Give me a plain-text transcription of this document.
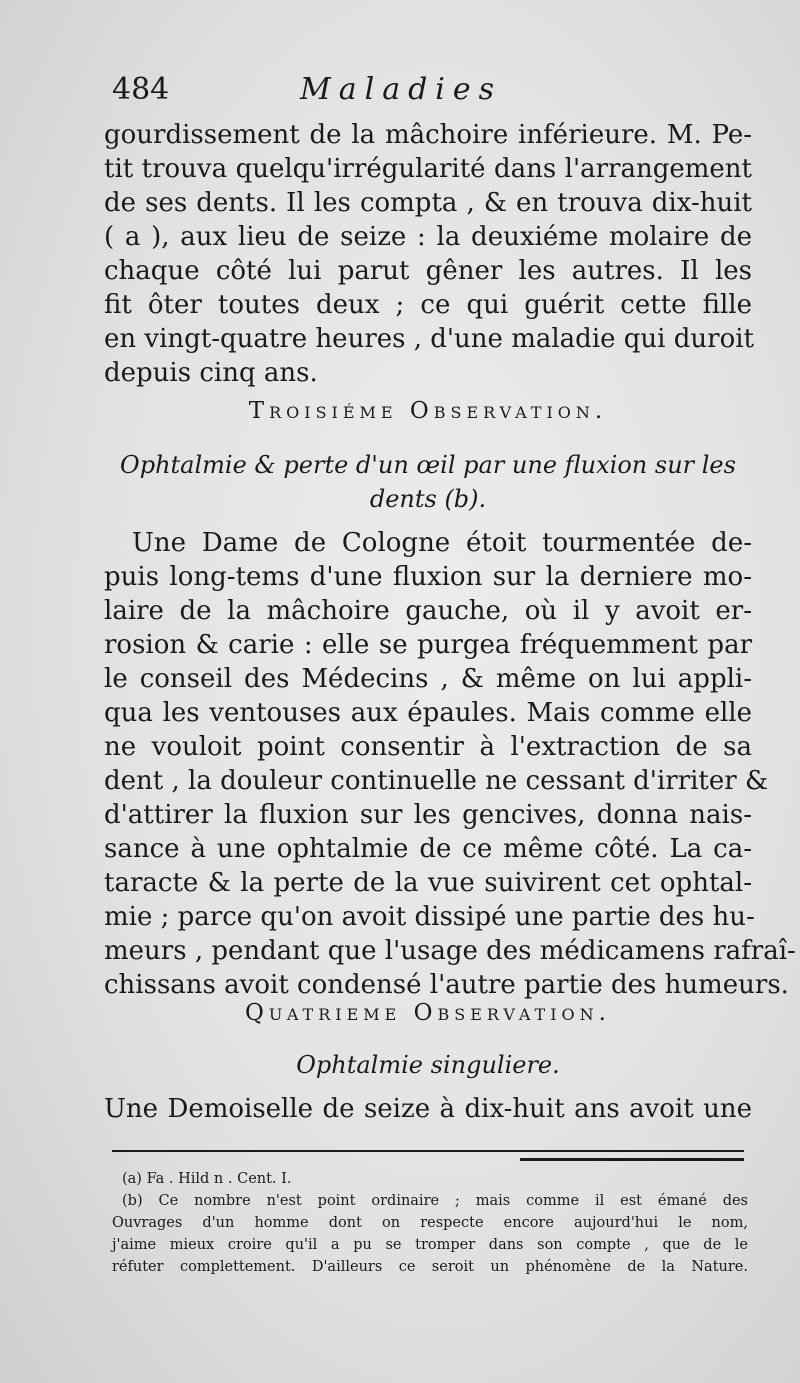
484	Maladies
gourdissement de la mâchoire inférieure. M. Pe-
tit trouva quelqu'irrégularité dans l'arrangement
de ses dents. Il les compta , & en trouva dix-huit
( a ), aux lieu de seize : la deuxiéme molaire de
chaque côté lui parut gêner les autres. Il les
fit ôter toutes deux ; ce qui guérit cette fille
en vingt-quatre heures , d'une maladie qui duroit
depuis cinq ans.
Troisiéme Observation.
Ophtalmie & perte d'un œil par une fluxion sur les
dents (b).
Une Dame de Cologne étoit tourmentée de-
puis long-tems d'une fluxion sur la derniere mo-
laire de la mâchoire gauche, où il y avoit er-
rosion & carie : elle se purgea fréquemment par
le conseil des Médecins , & même on lui appli-
qua les ventouses aux épaules. Mais comme elle
ne vouloit point consentir à l'extraction de sa
dent , la douleur continuelle ne cessant d'irriter &
d'attirer la fluxion sur les gencives, donna nais-
sance à une ophtalmie de ce même côté. La ca-
taracte & la perte de la vue suivirent cet ophtal-
mie ; parce qu'on avoit dissipé une partie des hu-
meurs , pendant que l'usage des médicamens rafraî-
chissans avoit condensé l'autre partie des humeurs.
Quatrieme Observation.
Ophtalmie singuliere.
Une Demoiselle de seize à dix-huit ans avoit une
(a) Fa . Hild n . Cent. I.
(b) Ce nombre n'est point ordinaire ; mais comme il est émané des
Ouvrages d'un homme dont on respecte encore aujourd'hui le nom,
j'aime mieux croire qu'il a pu se tromper dans son compte , que de le
réfuter complettement. D'ailleurs ce seroit un phénomène de la Nature.
